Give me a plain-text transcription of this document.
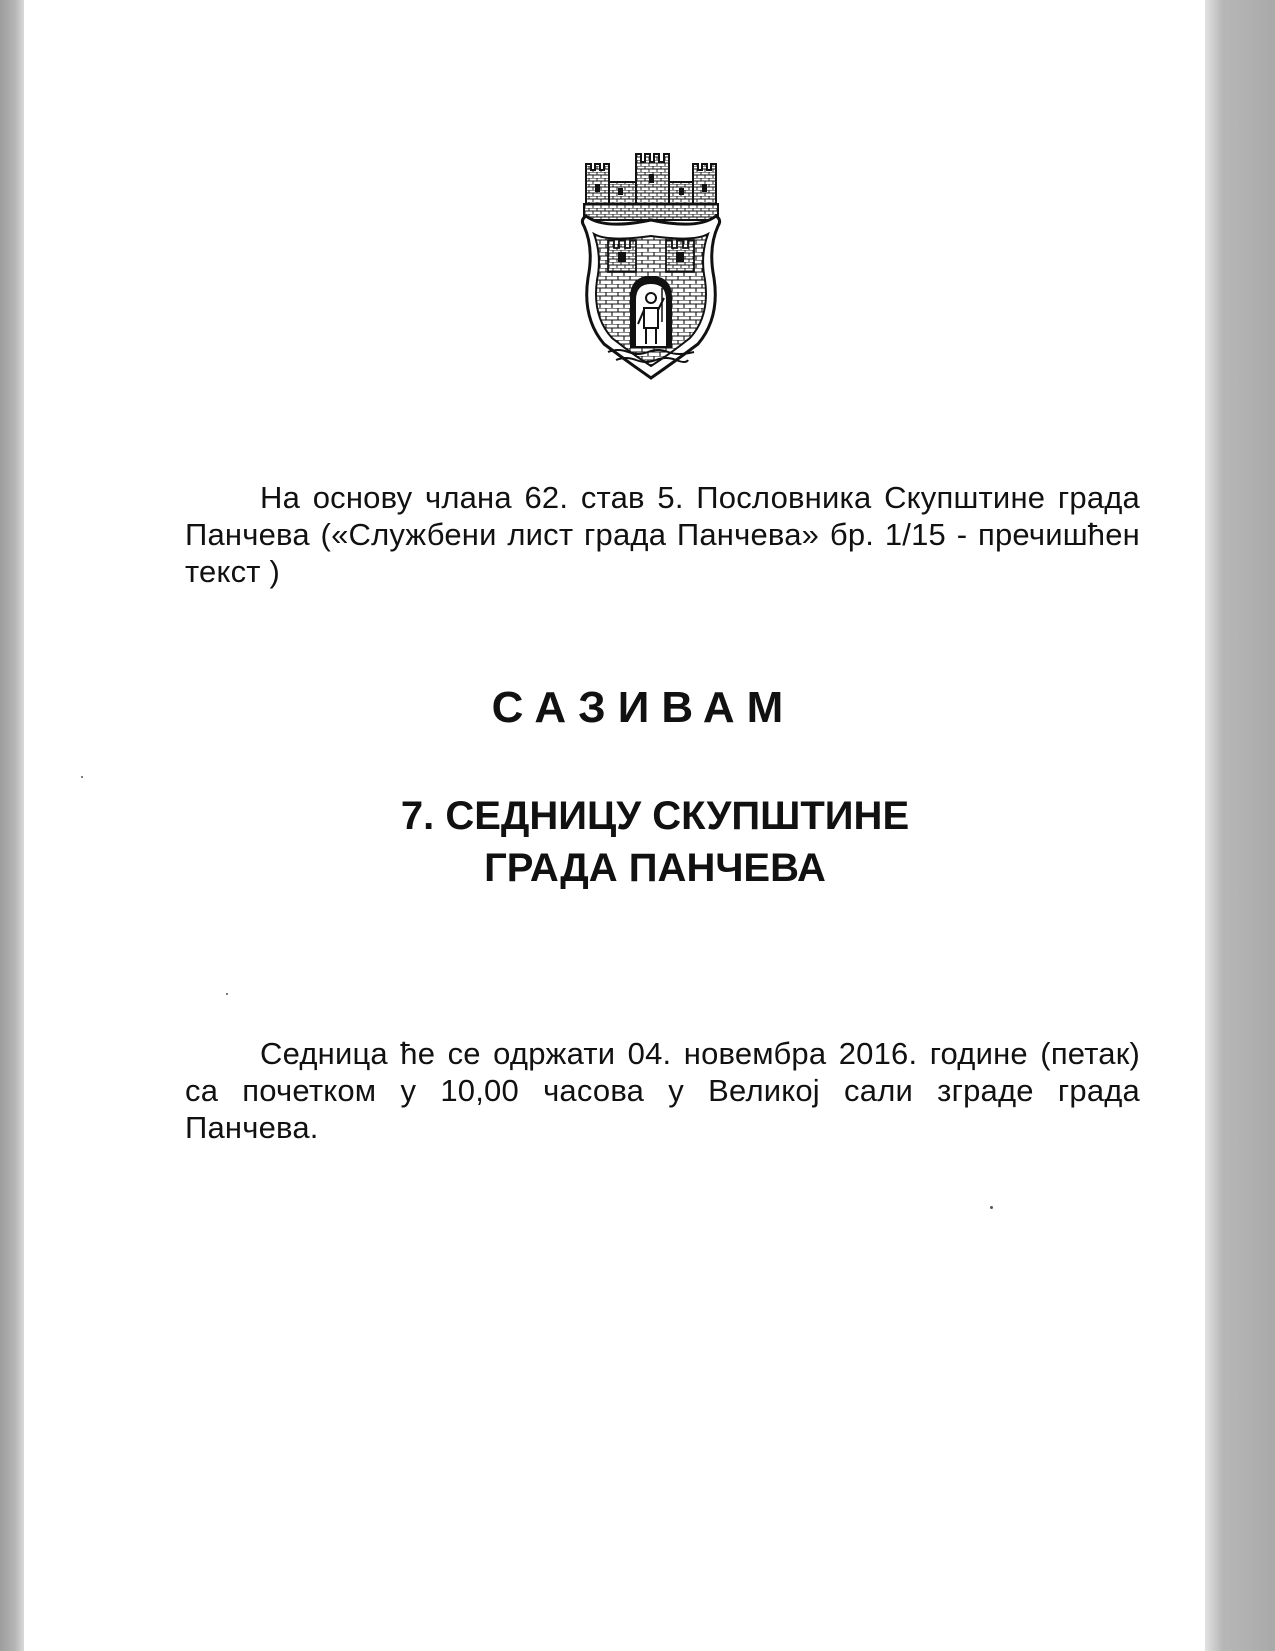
На основу члана 62. став 5. Пословника Скупштине града Панчева («Службени лист града Панчева» бр. 1/15 - пречишћен текст )

САЗИВАМ
7. СЕДНИЦУ СКУПШТИНЕ
ГРАДА ПАНЧЕВА

Седница ће се одржати 04. новембра 2016. године (петак) са почетком у 10,00 часова у Великој сали зграде града Панчева.
